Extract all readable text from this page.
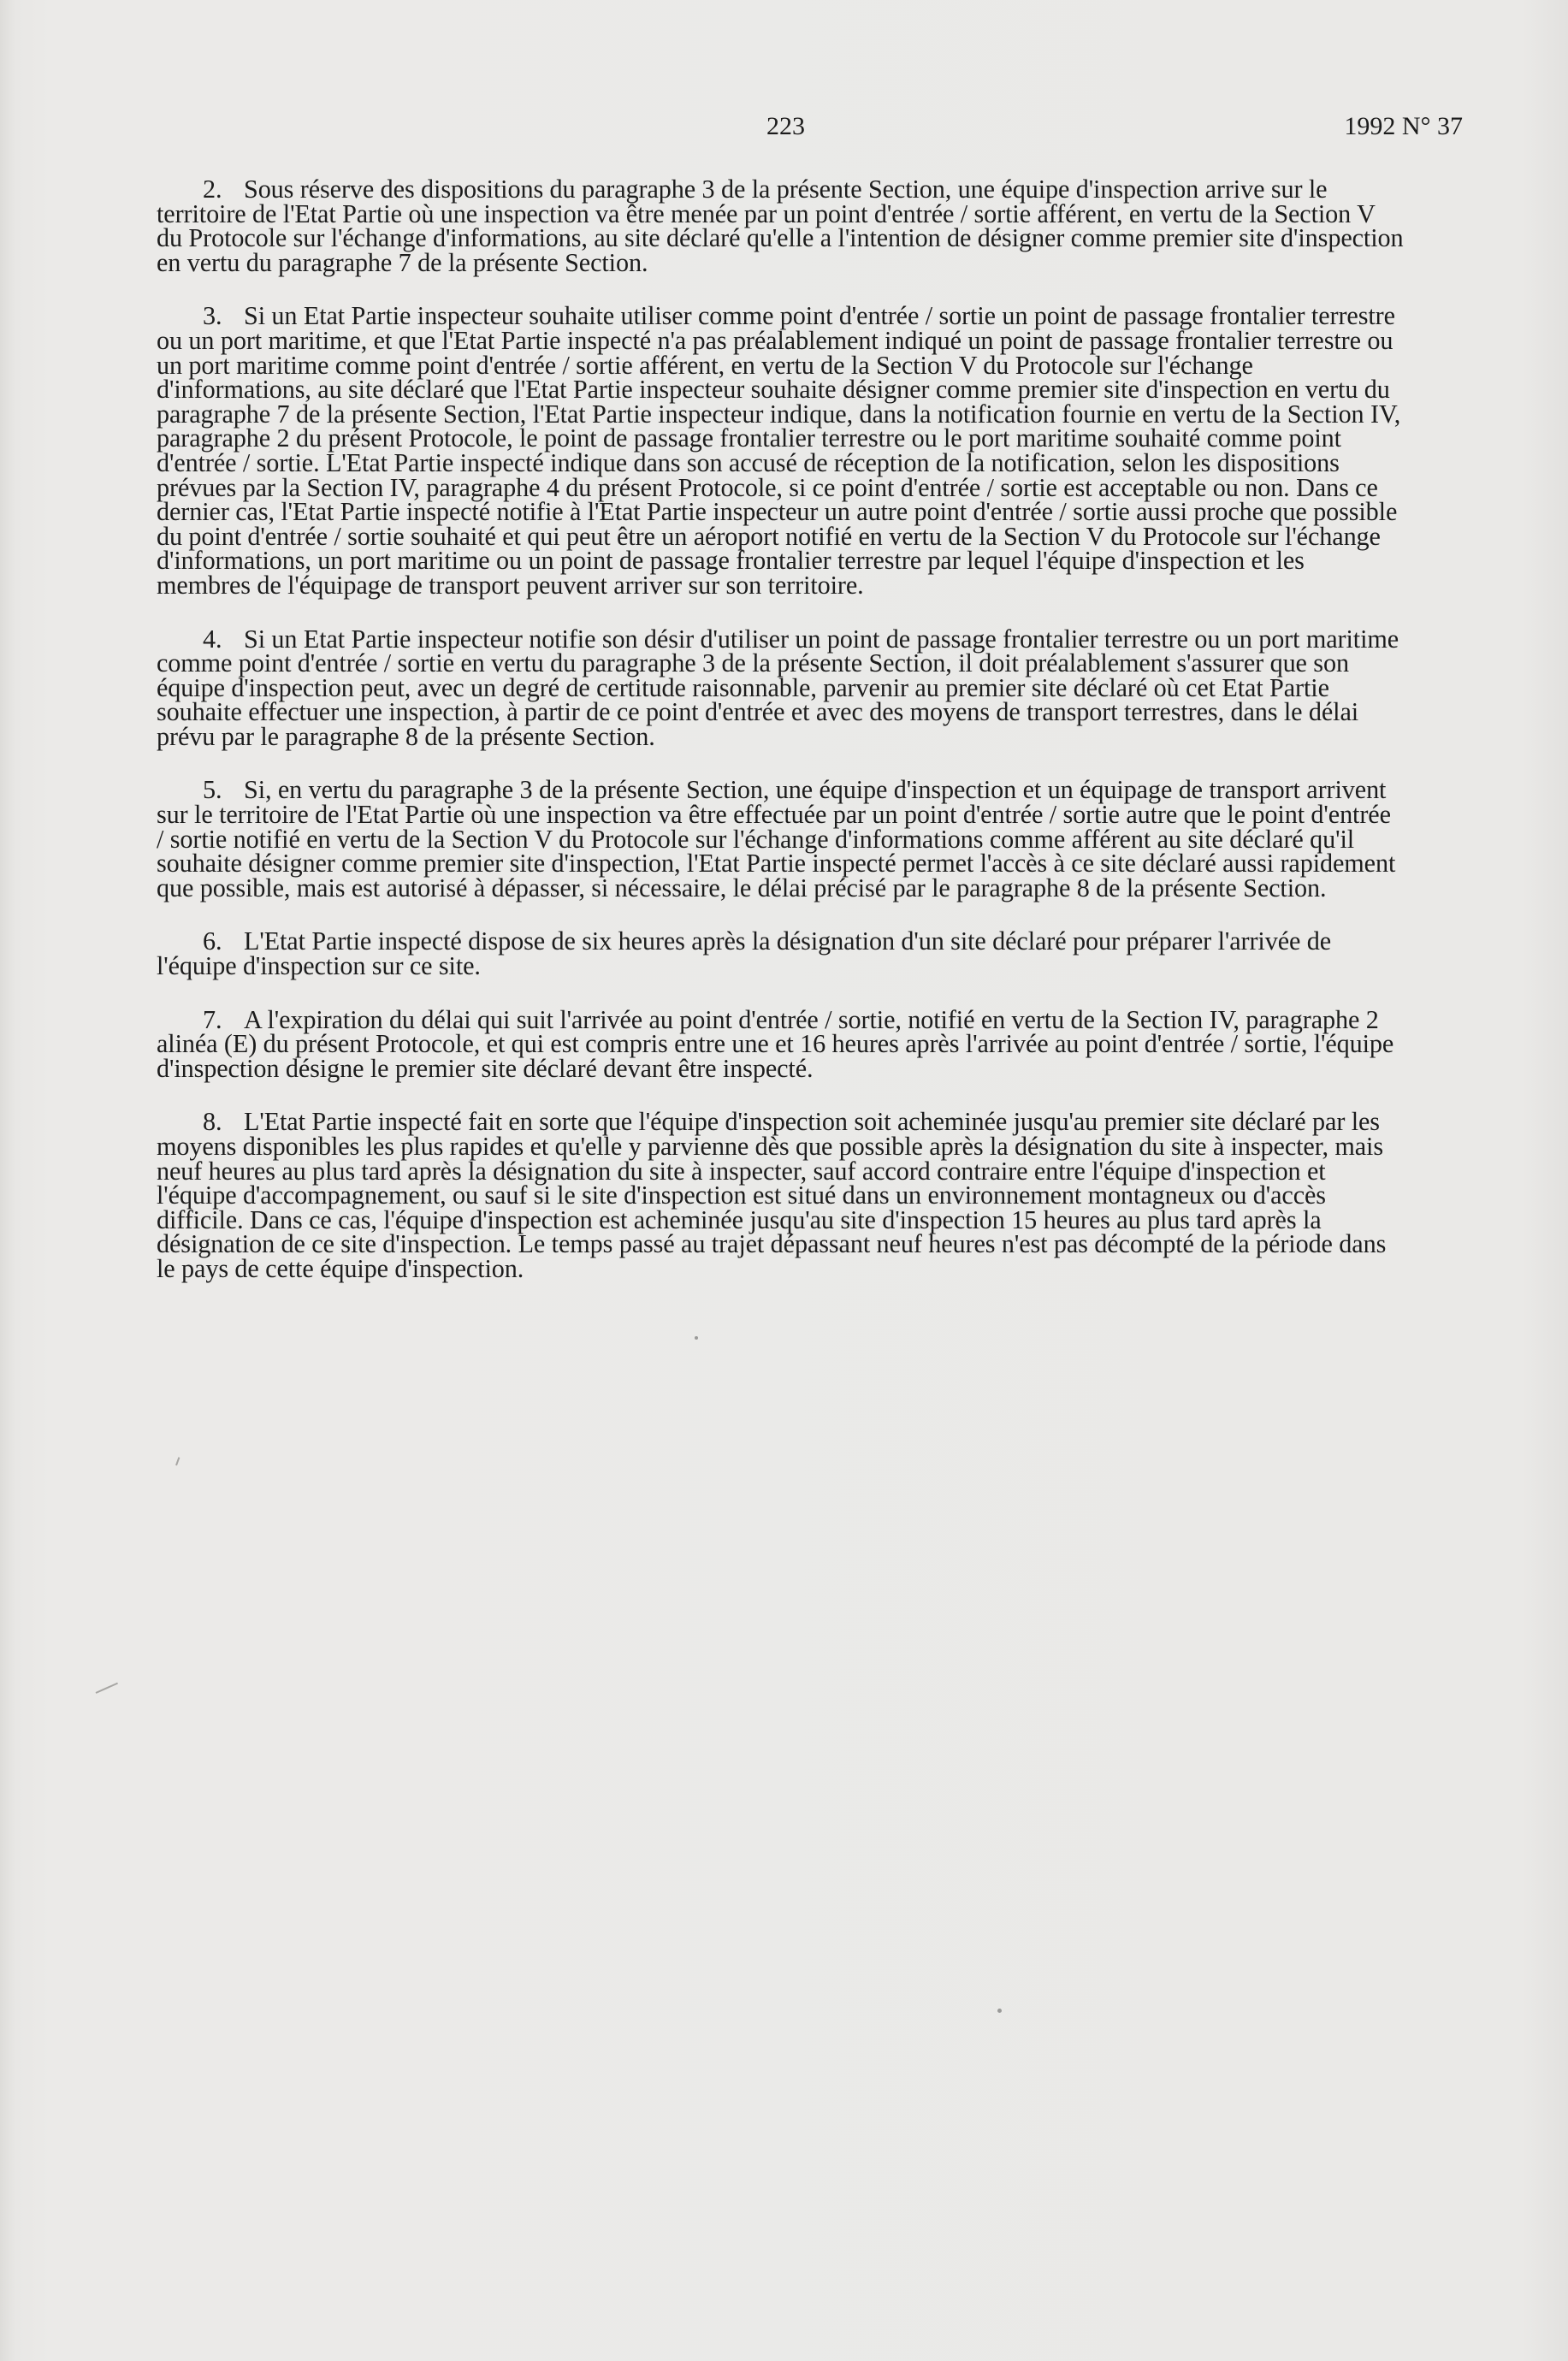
223	1992 N° 37

2. Sous réserve des dispositions du paragraphe 3 de la présente Section, une équipe d'inspection arrive sur le territoire de l'Etat Partie où une inspection va être menée par un point d'entrée / sortie afférent, en vertu de la Section V du Protocole sur l'échange d'informations, au site déclaré qu'elle a l'intention de désigner comme premier site d'inspection en vertu du paragraphe 7 de la présente Section.

3. Si un Etat Partie inspecteur souhaite utiliser comme point d'entrée / sortie un point de passage frontalier terrestre ou un port maritime, et que l'Etat Partie inspecté n'a pas préalablement indiqué un point de passage frontalier terrestre ou un port maritime comme point d'entrée / sortie afférent, en vertu de la Section V du Protocole sur l'échange d'informations, au site déclaré que l'Etat Partie inspecteur souhaite désigner comme premier site d'inspection en vertu du paragraphe 7 de la présente Section, l'Etat Partie inspecteur indique, dans la notification fournie en vertu de la Section IV, paragraphe 2 du présent Protocole, le point de passage frontalier terrestre ou le port maritime souhaité comme point d'entrée / sortie. L'Etat Partie inspecté indique dans son accusé de réception de la notification, selon les dispositions prévues par la Section IV, paragraphe 4 du présent Protocole, si ce point d'entrée / sortie est acceptable ou non. Dans ce dernier cas, l'Etat Partie inspecté notifie à l'Etat Partie inspecteur un autre point d'entrée / sortie aussi proche que possible du point d'entrée / sortie souhaité et qui peut être un aéroport notifié en vertu de la Section V du Protocole sur l'échange d'informations, un port maritime ou un point de passage frontalier terrestre par lequel l'équipe d'inspection et les membres de l'équipage de transport peuvent arriver sur son territoire.

4. Si un Etat Partie inspecteur notifie son désir d'utiliser un point de passage frontalier terrestre ou un port maritime comme point d'entrée / sortie en vertu du paragraphe 3 de la présente Section, il doit préalablement s'assurer que son équipe d'inspection peut, avec un degré de certitude raisonnable, parvenir au premier site déclaré où cet Etat Partie souhaite effectuer une inspection, à partir de ce point d'entrée et avec des moyens de transport terrestres, dans le délai prévu par le paragraphe 8 de la présente Section.

5. Si, en vertu du paragraphe 3 de la présente Section, une équipe d'inspection et un équipage de transport arrivent sur le territoire de l'Etat Partie où une inspection va être effectuée par un point d'entrée / sortie autre que le point d'entrée / sortie notifié en vertu de la Section V du Protocole sur l'échange d'informations comme afférent au site déclaré qu'il souhaite désigner comme premier site d'inspection, l'Etat Partie inspecté permet l'accès à ce site déclaré aussi rapidement que possible, mais est autorisé à dépasser, si nécessaire, le délai précisé par le paragraphe 8 de la présente Section.

6. L'Etat Partie inspecté dispose de six heures après la désignation d'un site déclaré pour préparer l'arrivée de l'équipe d'inspection sur ce site.

7. A l'expiration du délai qui suit l'arrivée au point d'entrée / sortie, notifié en vertu de la Section IV, paragraphe 2 alinéa (E) du présent Protocole, et qui est compris entre une et 16 heures après l'arrivée au point d'entrée / sortie, l'équipe d'inspection désigne le premier site déclaré devant être inspecté.

8. L'Etat Partie inspecté fait en sorte que l'équipe d'inspection soit acheminée jusqu'au premier site déclaré par les moyens disponibles les plus rapides et qu'elle y parvienne dès que possible après la désignation du site à inspecter, mais neuf heures au plus tard après la désignation du site à inspecter, sauf accord contraire entre l'équipe d'inspection et l'équipe d'accompagnement, ou sauf si le site d'inspection est situé dans un environnement montagneux ou d'accès difficile. Dans ce cas, l'équipe d'inspection est acheminée jusqu'au site d'inspection 15 heures au plus tard après la désignation de ce site d'inspection. Le temps passé au trajet dépassant neuf heures n'est pas décompté de la période dans le pays de cette équipe d'inspection.
